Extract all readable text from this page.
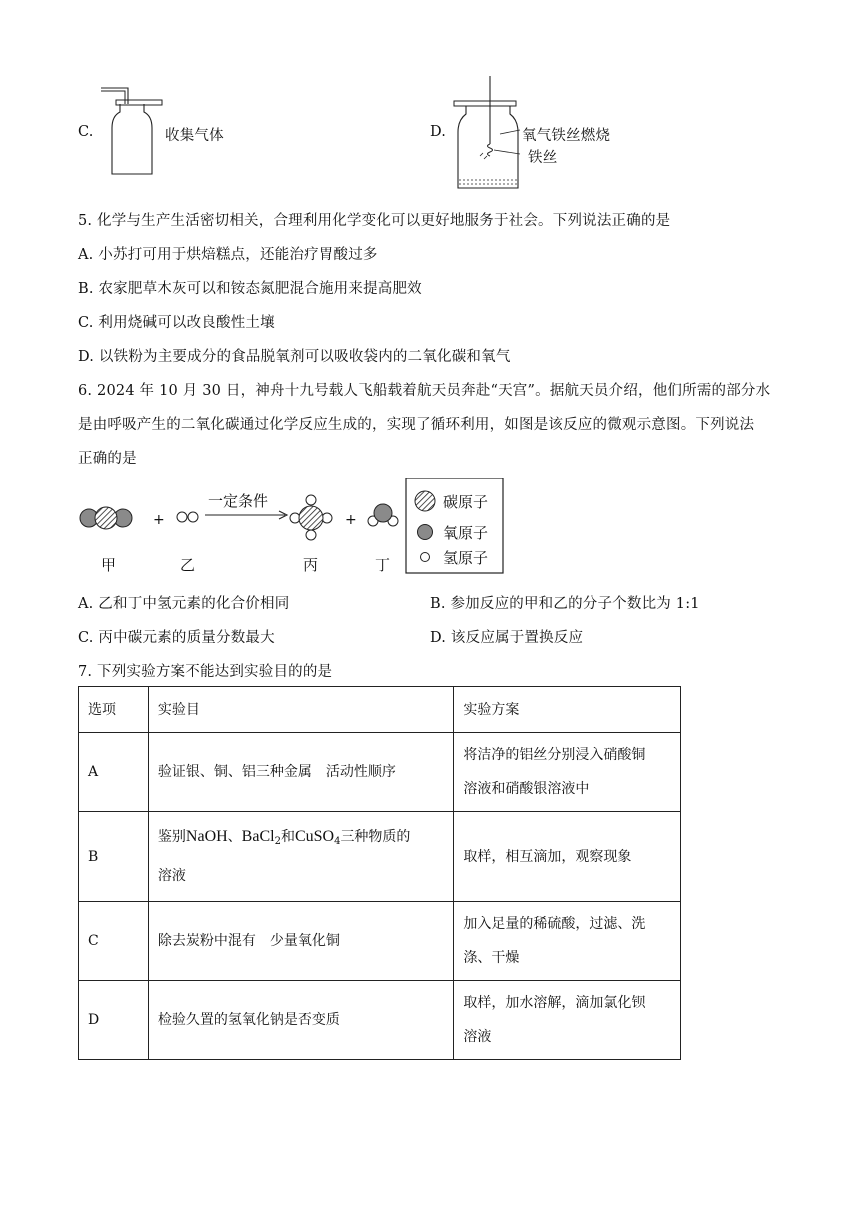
C.	收集气体	D.	氧气铁丝燃烧
铁丝
5. 化学与生产生活密切相关，合理利用化学变化可以更好地服务于社会。下列说法正确的是
A. 小苏打可用于烘焙糕点，还能治疗胃酸过多
B. 农家肥草木灰可以和铵态氮肥混合施用来提高肥效
C. 利用烧碱可以改良酸性土壤
D. 以铁粉为主要成分的食品脱氧剂可以吸收袋内的二氧化碳和氧气
6. 2024 年 10 月 30 日，神舟十九号载人飞船载着航天员奔赴“天宫”。据航天员介绍，他们所需的部分水
是由呼吸产生的二氧化碳通过化学反应生成的，实现了循环利用，如图是该反应的微观示意图。下列说法
正确的是
+
一定条件
+
甲	乙	丙	丁
碳原子
氧原子
氢原子
A. 乙和丁中氢元素的化合价相同	B. 参加反应的甲和乙的分子个数比为 1:1
C. 丙中碳元素的质量分数最大	D. 该反应属于置换反应
7. 下列实验方案不能达到实验目的的是
选项	实验目	实验方案
A	验证银、铜、铝三种金属　活动性顺序	将洁净的铝丝分别浸入硝酸铜
溶液和硝酸银溶液中

B	鉴别NaOH、BaCl$_2$和CuSO$_4$三种物质的
溶液	取样，相互滴加，观察现象
C	除去炭粉中混有　少量氧化铜	加入足量的稀硫酸，过滤、洗
涤、干燥

D	检验久置的氢氧化钠是否变质	取样，加水溶解，滴加氯化钡
溶液
